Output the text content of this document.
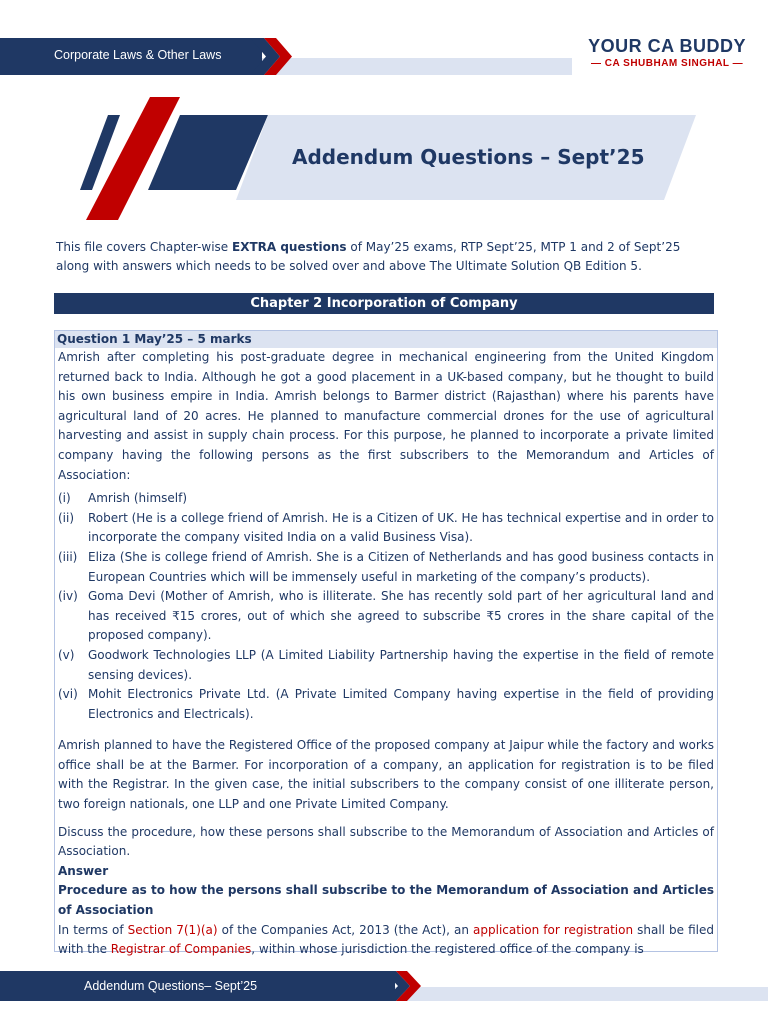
Corporate Laws & Other Laws	YOUR CA BUDDY
— CA SHUBHAM SINGHAL —
Addendum Questions – Sept’25
This file covers Chapter-wise EXTRA questions of May’25 exams, RTP Sept’25, MTP 1 and 2 of Sept’25 along with answers which needs to be solved over and above The Ultimate Solution QB Edition 5.
Chapter 2 Incorporation of Company
Question 1 May’25 – 5 marks

Amrish after completing his post-graduate degree in mechanical engineering from the United Kingdom returned back to India. Although he got a good placement in a UK-based company, but he thought to build his own business empire in India. Amrish belongs to Barmer district (Rajasthan) where his parents have agricultural land of 20 acres. He planned to manufacture commercial drones for the use of agricultural harvesting and assist in supply chain process. For this purpose, he planned to incorporate a private limited company having the following persons as the first subscribers to the Memorandum and Articles of Association:

(i)	Amrish (himself)
(ii)	Robert (He is a college friend of Amrish. He is a Citizen of UK. He has technical expertise and in order to incorporate the company visited India on a valid Business Visa).
(iii) Eliza (She is college friend of Amrish. She is a Citizen of Netherlands and has good business contacts in European Countries which will be immensely useful in marketing of the company’s products).
(iv) Goma Devi (Mother of Amrish, who is illiterate. She has recently sold part of her agricultural land and has received ₹15 crores, out of which she agreed to subscribe ₹5 crores in the share capital of the proposed company).
(v)	Goodwork Technologies LLP (A Limited Liability Partnership having the expertise in the field of remote sensing devices).
(vi) Mohit Electronics Private Ltd. (A Private Limited Company having expertise in the field of providing Electronics and Electricals).

Amrish planned to have the Registered Office of the proposed company at Jaipur while the factory and works office shall be at the Barmer. For incorporation of a company, an application for registration is to be filed with the Registrar. In the given case, the initial subscribers to the company consist of one illiterate person, two foreign nationals, one LLP and one Private Limited Company.

Discuss the procedure, how these persons shall subscribe to the Memorandum of Association and Articles of Association.

Answer

Procedure as to how the persons shall subscribe to the Memorandum of Association and Articles of Association

In terms of Section 7(1)(a) of the Companies Act, 2013 (the Act), an application for registration shall be filed with the Registrar of Companies, within whose jurisdiction the registered office of the company is

Addendum Questions– Sept’25
